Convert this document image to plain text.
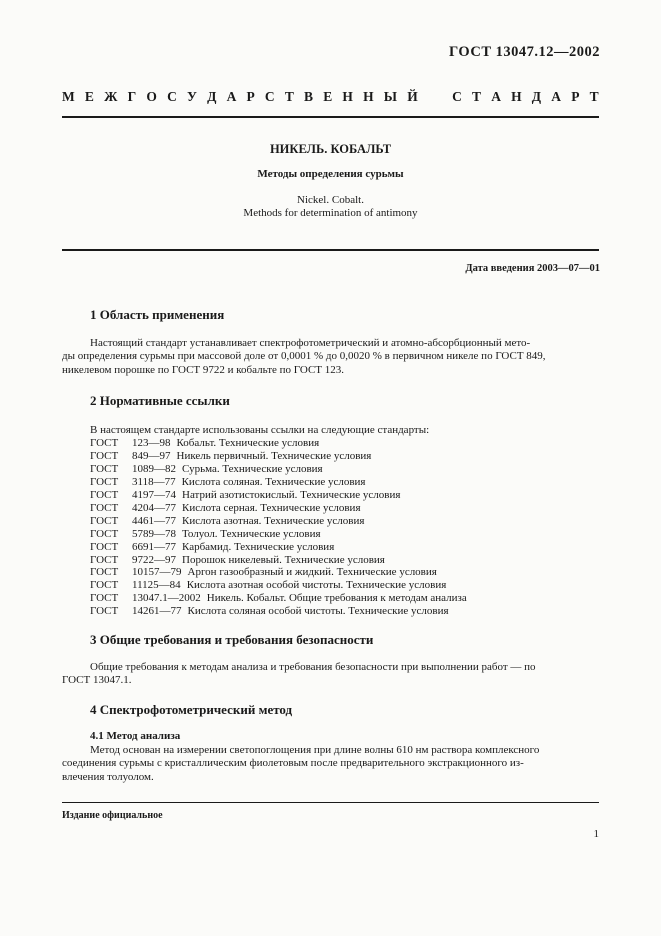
ГОСТ 13047.12—2002
М Е Ж Г О С У Д А Р С Т В Е Н Н Ы Й	С Т А Н Д А Р Т
НИКЕЛЬ. КОБАЛЬТ
Методы определения сурьмы
Nickel. Cobalt.
Methods for determination of antimony
Дата введения 2003—07—01
1 Область применения
Настоящий стандарт устанавливает спектрофотометрический и атомно-абсорбционный мето-
ды определения сурьмы при массовой доле от 0,0001 % до 0,0020 % в первичном никеле по ГОСТ 849,
никелевом порошке по ГОСТ 9722 и кобальте по ГОСТ 123.
2 Нормативные ссылки
В настоящем стандарте использованы ссылки на следующие стандарты:
ГОСТ	123—98 Кобальт. Технические условия
ГОСТ	849—97 Никель первичный. Технические условия
ГОСТ	1089—82 Сурьма. Технические условия
ГОСТ	3118—77 Кислота соляная. Технические условия
ГОСТ	4197—74 Натрий азотистокислый. Технические условия
ГОСТ	4204—77 Кислота серная. Технические условия
ГОСТ	4461—77 Кислота азотная. Технические условия
ГОСТ	5789—78 Толуол. Технические условия
ГОСТ	6691—77 Карбамид. Технические условия
ГОСТ	9722—97 Порошок никелевый. Технические условия
ГОСТ	10157—79 Аргон газообразный и жидкий. Технические условия
ГОСТ	11125—84 Кислота азотная особой чистоты. Технические условия
ГОСТ	13047.1—2002 Никель. Кобальт. Общие требования к методам анализа
ГОСТ	14261—77 Кислота соляная особой чистоты. Технические условия
3 Общие требования и требования безопасности
Общие требования к методам анализа и требования безопасности при выполнении работ — по
ГОСТ 13047.1.
4 Спектрофотометрический метод
4.1 Метод анализа
Метод основан на измерении светопоглощения при длине волны 610 нм раствора комплексного
соединения сурьмы с кристаллическим фиолетовым после предварительного экстракционного из-
влечения толуолом.
Издание официальное
1
